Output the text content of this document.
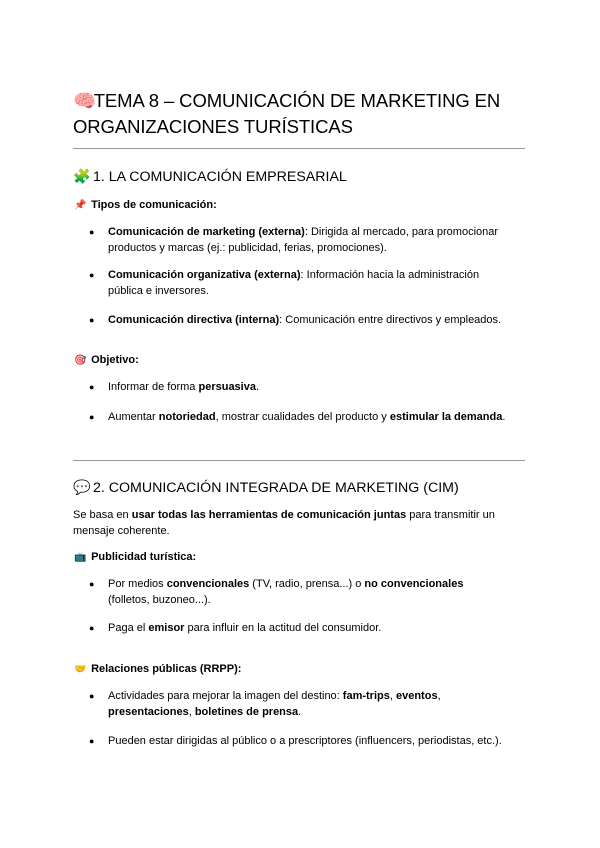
🧠 TEMA 8 – COMUNICACIÓN DE MARKETING EN ORGANIZACIONES TURÍSTICAS
🧩 1. LA COMUNICACIÓN EMPRESARIAL

📌 Tipos de comunicación:

● Comunicación de marketing (externa): Dirigida al mercado, para promocionar productos y marcas (ej.: publicidad, ferias, promociones).
● Comunicación organizativa (externa): Información hacia la administración pública e inversores.
● Comunicación directiva (interna): Comunicación entre directivos y empleados.

🎯 Objetivo:

● Informar de forma persuasiva.
● Aumentar notoriedad, mostrar cualidades del producto y estimular la demanda.
💬 2. COMUNICACIÓN INTEGRADA DE MARKETING (CIM)

Se basa en usar todas las herramientas de comunicación juntas para transmitir un mensaje coherente.

📺 Publicidad turística:

● Por medios convencionales (TV, radio, prensa...) o no convencionales (folletos, buzoneo...).
● Paga el emisor para influir en la actitud del consumidor.

🤝 Relaciones públicas (RRPP):

● Actividades para mejorar la imagen del destino: fam-trips, eventos, presentaciones, boletines de prensa.
● Pueden estar dirigidas al público o a prescriptores (influencers, periodistas, etc.).
